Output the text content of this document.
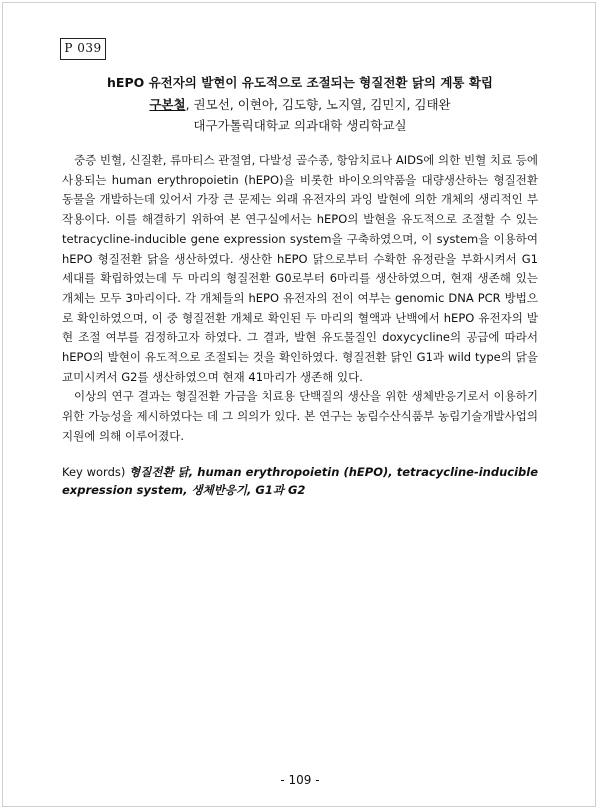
P 039
hEPO 유전자의 발현이 유도적으로 조절되는 형질전환 닭의 계통 확립
구본철, 권모선, 이현아, 김도향, 노지열, 김민지, 김태완
대구가톨릭대학교 의과대학 생리학교실

중증 빈혈, 신질환, 류마티스 관절염, 다발성 골수종, 항암치료나 AIDS에 의한 빈혈 치료 등에 사용되는 human erythropoietin (hEPO)을 비롯한 바이오의약품을 대량생산하는 형질전환 동물을 개발하는데 있어서 가장 큰 문제는 외래 유전자의 과잉 발현에 의한 개체의 생리적인 부작용이다. 이를 해결하기 위하여 본 연구실에서는 hEPO의 발현을 유도적으로 조절할 수 있는 tetracycline-inducible gene expression system을 구축하였으며, 이 system을 이용하여 hEPO 형질전환 닭을 생산하였다. 생산한 hEPO 닭으로부터 수확한 유정란을 부화시켜서 G1 세대를 확립하였는데 두 마리의 형질전환 G0로부터 6마리를 생산하였으며, 현재 생존해 있는 개체는 모두 3마리이다. 각 개체들의 hEPO 유전자의 전이 여부는 genomic DNA PCR 방법으로 확인하였으며, 이 중 형질전환 개체로 확인된 두 마리의 혈액과 난백에서 hEPO 유전자의 발현 조절 여부를 검정하고자 하였다. 그 결과, 발현 유도물질인 doxycycline의 공급에 따라서 hEPO의 발현이 유도적으로 조절되는 것을 확인하였다. 형질전환 닭인 G1과 wild type의 닭을 교미시켜서 G2를 생산하였으며 현재 41마리가 생존해 있다.

이상의 연구 결과는 형질전환 가금을 치료용 단백질의 생산을 위한 생체반응기로서 이용하기 위한 가능성을 제시하였다는 데 그 의의가 있다. 본 연구는 농림수산식품부 농림기술개발사업의 지원에 의해 이루어졌다.

Key words) 형질전환 닭, human erythropoietin (hEPO), tetracycline-inducible expression system, 생체반응기, G1과 G2
- 109 -
